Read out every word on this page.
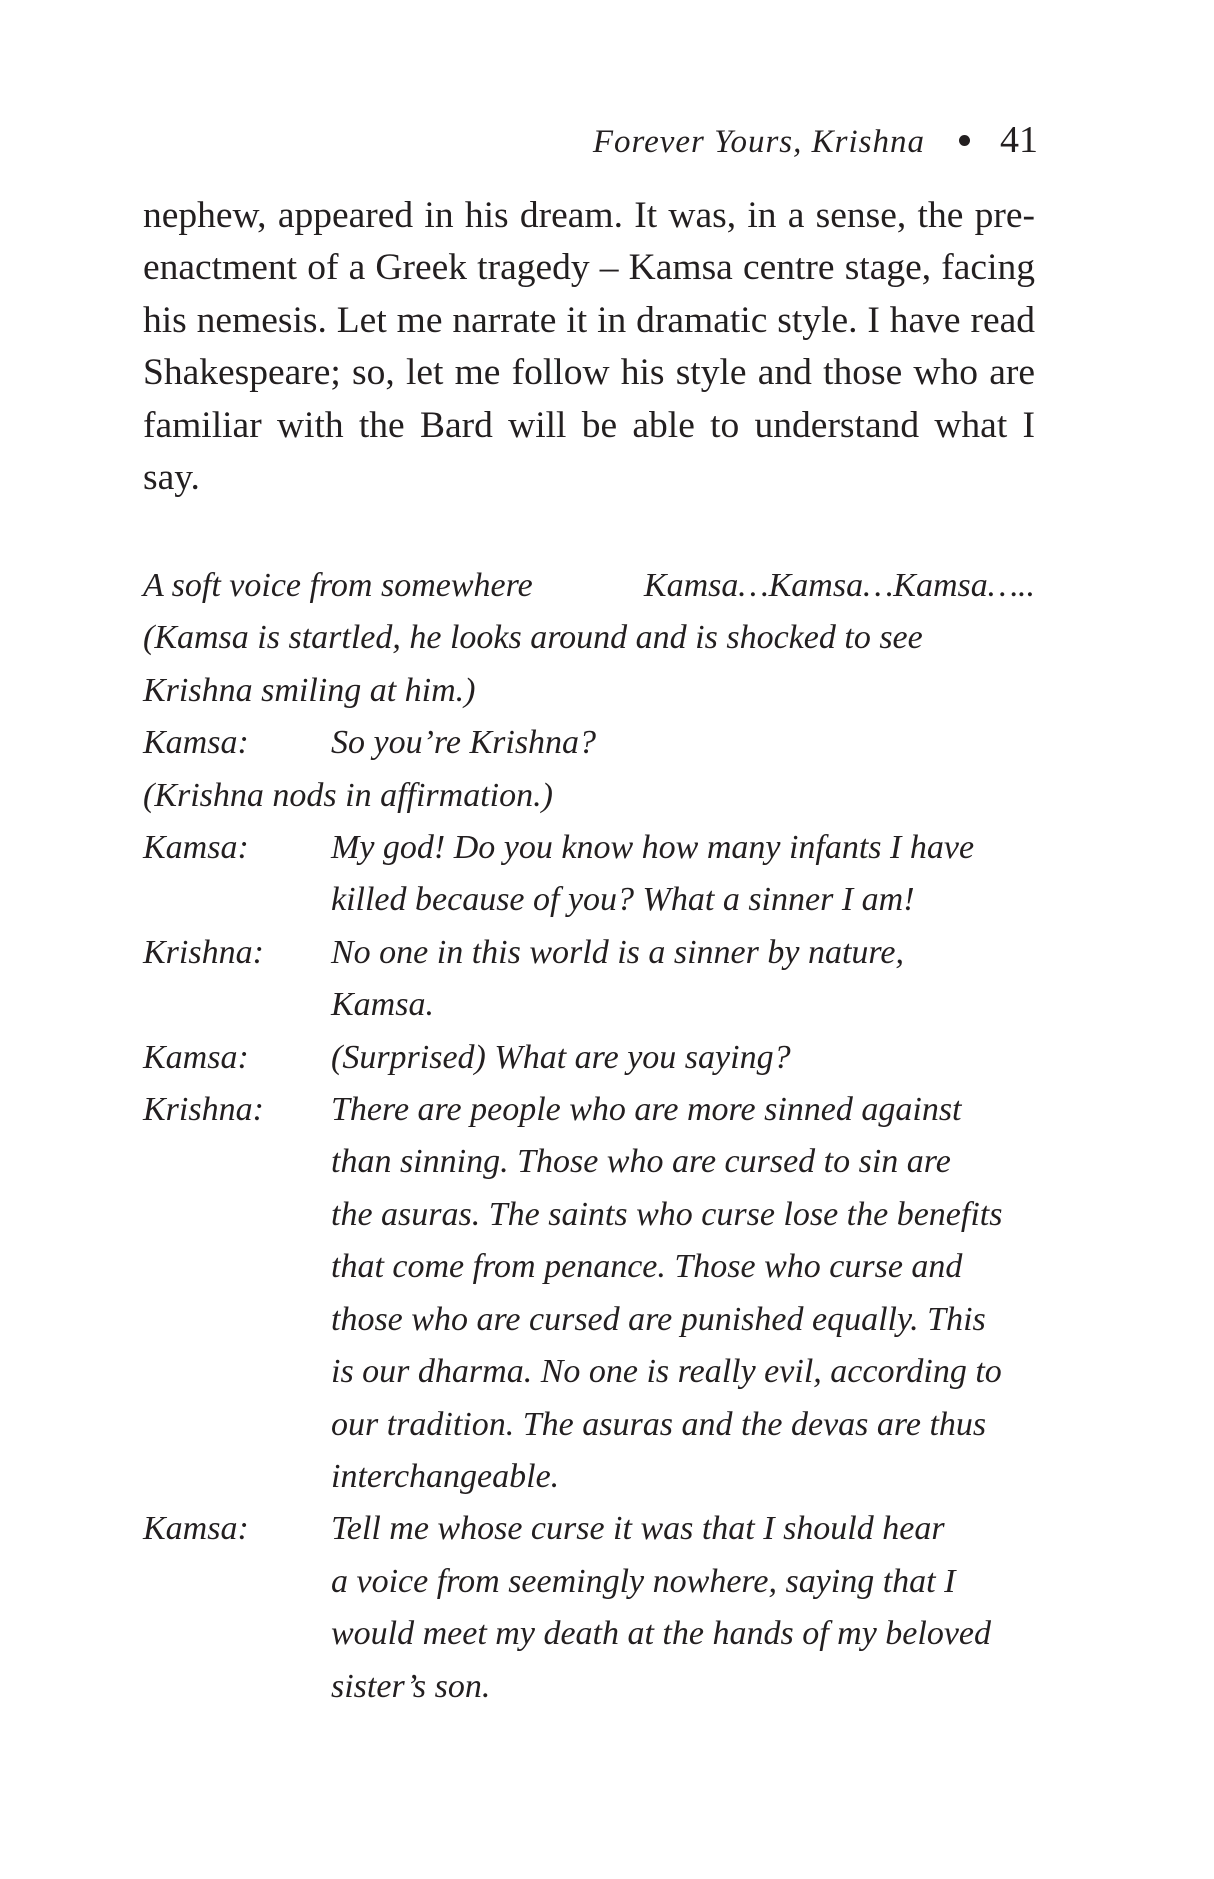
Forever Yours, Krishna 41

nephew, appeared in his dream. It was, in a sense, the pre-enactment of a Greek tragedy – Kamsa centre stage, facing his nemesis. Let me narrate it in dramatic style. I have read Shakespeare; so, let me follow his style and those who are familiar with the Bard will be able to understand what I say.

A soft voice from somewhere	Kamsa…Kamsa…Kamsa…..
(Kamsa is startled, he looks around and is shocked to see
Krishna smiling at him.)
Kamsa:	So you’re Krishna?
(Krishna nods in affirmation.)
Kamsa:	My god! Do you know how many infants I have
killed because of you? What a sinner I am!
Krishna:	No one in this world is a sinner by nature,
Kamsa.
Kamsa:	(Surprised) What are you saying?
Krishna:	There are people who are more sinned against
than sinning. Those who are cursed to sin are
the asuras. The saints who curse lose the benefits
that come from penance. Those who curse and
those who are cursed are punished equally. This
is our dharma. No one is really evil, according to
our tradition. The asuras and the devas are thus
interchangeable.
Kamsa:	Tell me whose curse it was that I should hear
a voice from seemingly nowhere, saying that I
would meet my death at the hands of my beloved
sister’s son.
